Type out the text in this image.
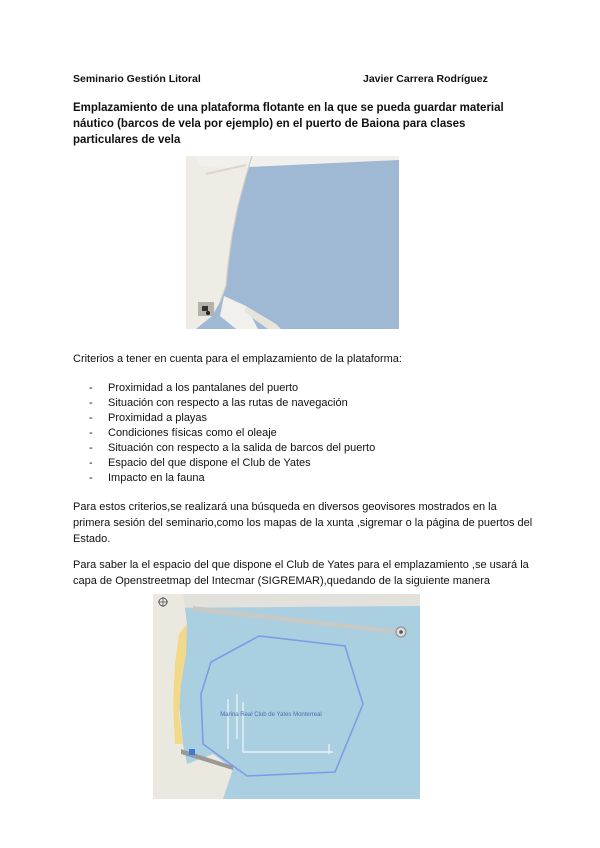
Seminario Gestión Litoral	Javier Carrera Rodríguez
Emplazamiento de una plataforma flotante en la que se pueda guardar material náutico (barcos de vela por ejemplo) en el puerto de Baiona para clases particulares de vela
Criterios a tener en cuenta para el emplazamiento de la plataforma:
- Proximidad a los pantalanes del puerto
- Situación con respecto a las rutas de navegación
- Proximidad a playas
- Condiciones físicas como el oleaje
- Situación con respecto a la salida de barcos del puerto
- Espacio del que dispone el Club de Yates
- Impacto en la fauna

Para estos criterios,se realizará una búsqueda en diversos geovisores mostrados en la primera sesión del seminario,como los mapas de la xunta ,sigremar o la página de puertos del Estado.

Para saber la el espacio del que dispone el Club de Yates para el emplazamiento ,se usará la capa de Openstreetmap del Intecmar (SIGREMAR),quedando de la siguiente manera

Marina Real Club de Yates Monterreal
